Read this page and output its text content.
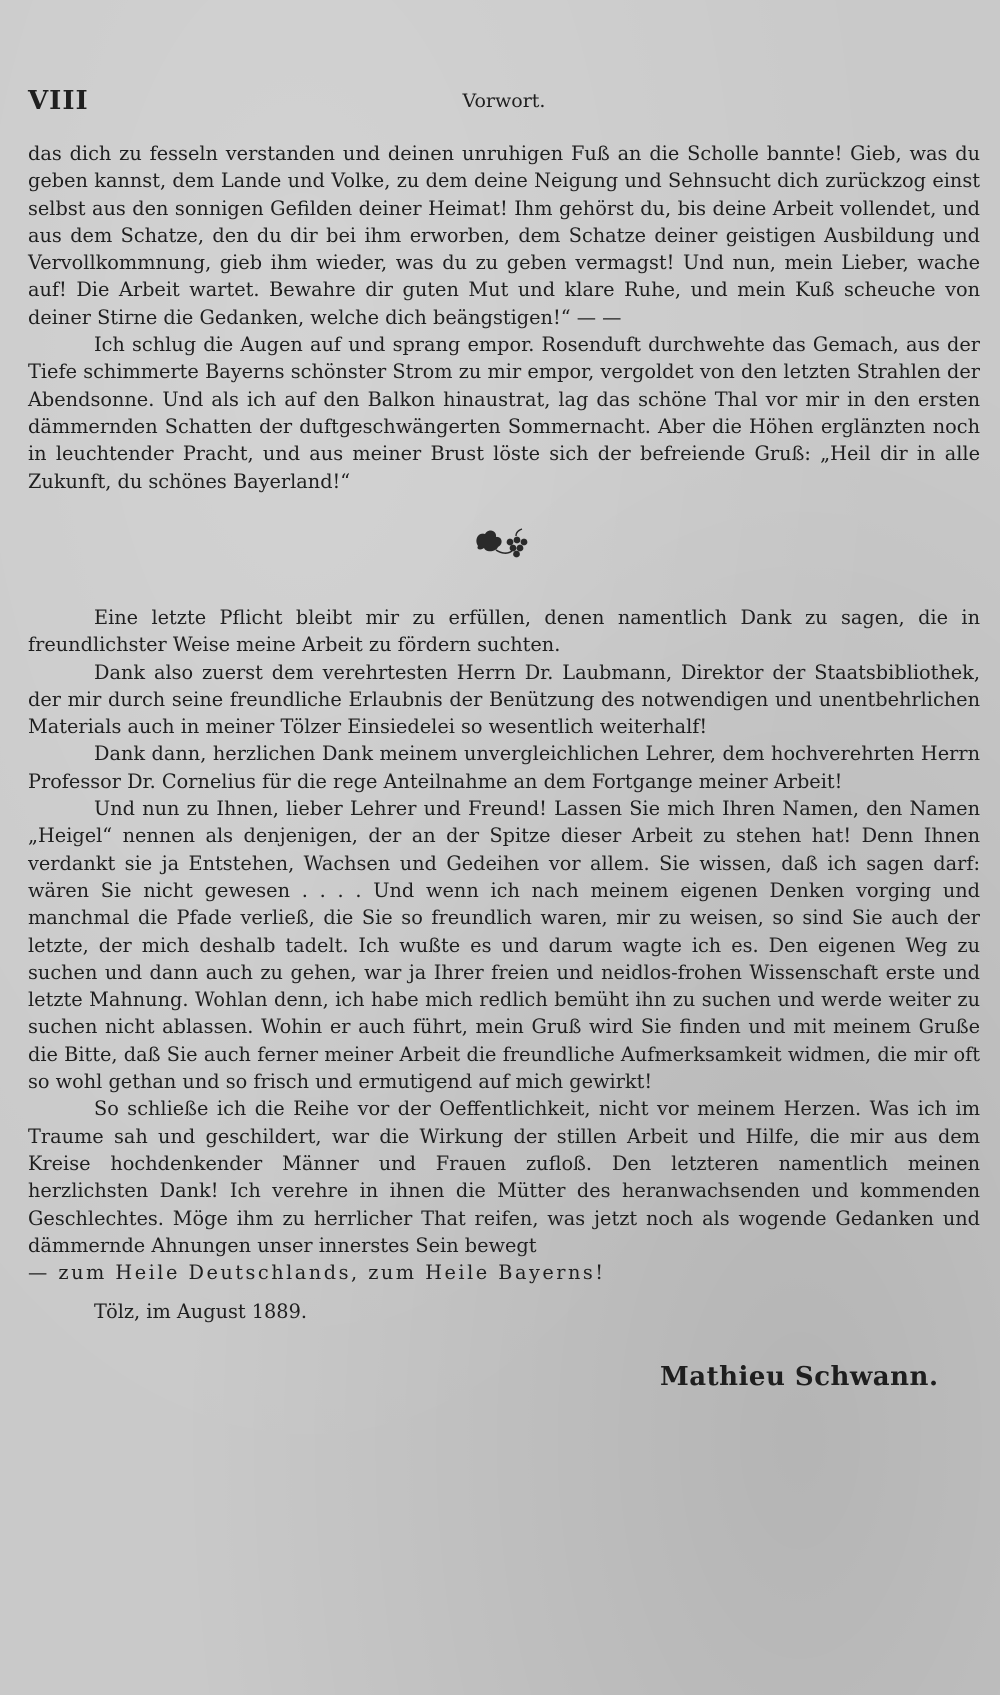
VIII	Vorwort.

das dich zu fesseln verstanden und deinen unruhigen Fuß an die Scholle bannte! Gieb, was du geben kannst, dem Lande und Volke, zu dem deine Neigung und Sehnsucht dich zurückzog einst selbst aus den sonnigen Gefilden deiner Heimat! Ihm gehörst du, bis deine Arbeit vollendet, und aus dem Schatze, den du dir bei ihm erworben, dem Schatze deiner geistigen Ausbildung und Vervollkommnung, gieb ihm wieder, was du zu geben vermagst! Und nun, mein Lieber, wache auf! Die Arbeit wartet. Bewahre dir guten Mut und klare Ruhe, und mein Kuß scheuche von deiner Stirne die Gedanken, welche dich beängstigen!“ — —

Ich schlug die Augen auf und sprang empor. Rosenduft durchwehte das Gemach, aus der Tiefe schimmerte Bayerns schönster Strom zu mir empor, vergoldet von den letzten Strahlen der Abendsonne. Und als ich auf den Balkon hinaustrat, lag das schöne Thal vor mir in den ersten dämmernden Schatten der duftgeschwängerten Sommernacht. Aber die Höhen erglänzten noch in leuchtender Pracht, und aus meiner Brust löste sich der befreiende Gruß: „Heil dir in alle Zukunft, du schönes Bayerland!“

Eine letzte Pflicht bleibt mir zu erfüllen, denen namentlich Dank zu sagen, die in freundlichster Weise meine Arbeit zu fördern suchten.

Dank also zuerst dem verehrtesten Herrn Dr. Laubmann, Direktor der Staatsbibliothek, der mir durch seine freundliche Erlaubnis der Benützung des notwendigen und unentbehrlichen Materials auch in meiner Tölzer Einsiedelei so wesentlich weiterhalf!

Dank dann, herzlichen Dank meinem unvergleichlichen Lehrer, dem hochverehrten Herrn Professor Dr. Cornelius für die rege Anteilnahme an dem Fortgange meiner Arbeit!

Und nun zu Ihnen, lieber Lehrer und Freund! Lassen Sie mich Ihren Namen, den Namen „Heigel“ nennen als denjenigen, der an der Spitze dieser Arbeit zu stehen hat! Denn Ihnen verdankt sie ja Entstehen, Wachsen und Gedeihen vor allem. Sie wissen, daß ich sagen darf: wären Sie nicht gewesen . . . . Und wenn ich nach meinem eigenen Denken vorging und manchmal die Pfade verließ, die Sie so freundlich waren, mir zu weisen, so sind Sie auch der letzte, der mich deshalb tadelt. Ich wußte es und darum wagte ich es. Den eigenen Weg zu suchen und dann auch zu gehen, war ja Ihrer freien und neidlos-frohen Wissenschaft erste und letzte Mahnung. Wohlan denn, ich habe mich redlich bemüht ihn zu suchen und werde weiter zu suchen nicht ablassen. Wohin er auch führt, mein Gruß wird Sie finden und mit meinem Gruße die Bitte, daß Sie auch ferner meiner Arbeit die freundliche Aufmerksamkeit widmen, die mir oft so wohl gethan und so frisch und ermutigend auf mich gewirkt!

So schließe ich die Reihe vor der Oeffentlichkeit, nicht vor meinem Herzen. Was ich im Traume sah und geschildert, war die Wirkung der stillen Arbeit und Hilfe, die mir aus dem Kreise hochdenkender Männer und Frauen zufloß. Den letzteren namentlich meinen herzlichsten Dank! Ich verehre in ihnen die Mütter des heranwachsenden und kommenden Geschlechtes. Möge ihm zu herrlicher That reifen, was jetzt noch als wogende Gedanken und dämmernde Ahnungen unser innerstes Sein bewegt

— zum Heile Deutschlands, zum Heile Bayerns!

Tölz, im August 1889.
Mathieu Schwann.
